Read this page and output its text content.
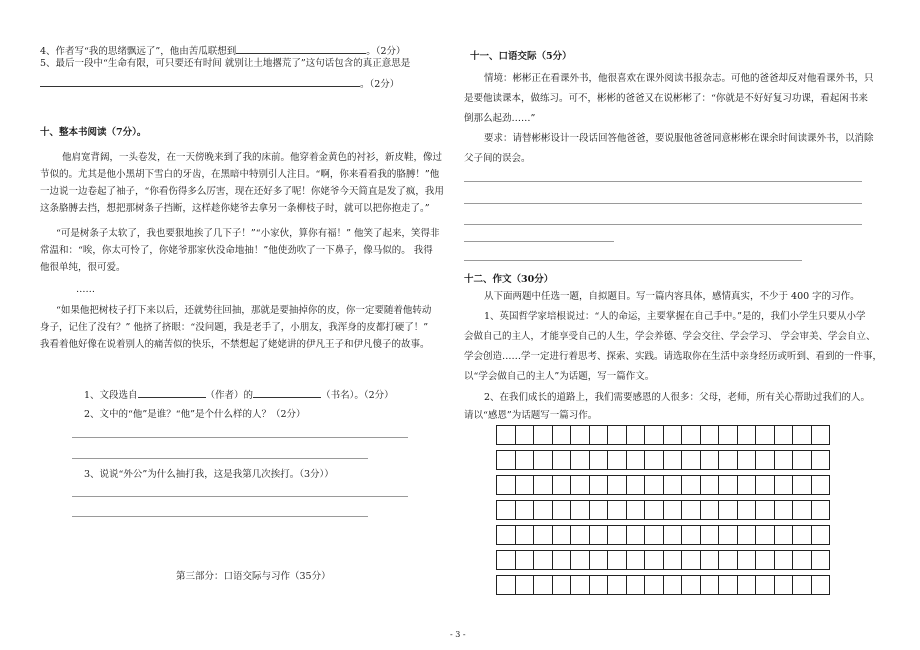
4、作者写“我的思绪飘远了”，他由苦瓜联想到	。（2分）
5、最后一段中“生命有限，可只要还有时间 就别让土地撂荒了”这句话包含的真正意思是
。（2分）
十、整本书阅读（7分）。
他肩宽背阔，一头卷发，在一天傍晚来到了我的床前。他穿着金黄色的衬衫，新皮鞋，像过
节似的。尤其是他小黑胡下雪白的牙齿，在黑暗中特别引人注目。“啊，你来看看我的胳膊！”他
一边说一边卷起了袖子，“你看伤得多么厉害，现在还好多了呢！你姥爷今天简直是发了疯，我用
这条胳膊去挡，想把那树条子挡断，这样趁你姥爷去拿另一条柳枝子时，就可以把你抱走了。”
“可是树条子太软了，我也要狠地挨了几下子！”“小家伙，算你有福！” 他笑了起来，笑得非
常温和：“唉，你太可怜了，你姥爷那家伙没命地抽！”他使劲吹了一下鼻子，像马似的。 我得
他很单纯，很可爱。
……
“如果他把树枝子打下来以后，还就势往回抽，那就是要抽掉你的皮，你一定要随着他转动
身子，记住了没有？” 他挤了挤眼：“没问题，我是老手了，小朋友，我浑身的皮都打硬了！”
我看着他好像在说着别人的痛苦似的快乐，不禁想起了姥姥讲的伊凡王子和伊凡傻子的故事。
1、文段选自	（作者）的	（书名）。（2分）
2、文中的“他”是谁？“他”是个什么样的人？（2分）
3、说说“外公”为什么抽打我，这是我第几次挨打。（3分））
第三部分：口语交际与习作（35分）
十一、口语交际（5分）
情境：彬彬正在看课外书，他很喜欢在课外阅读书报杂志。可他的爸爸却反对他看课外书，只
是要他读课本，做练习。可不，彬彬的爸爸又在说彬彬了：“你就是不好好复习功课，看起闲书来
倒那么起劲……”
要求：请替彬彬设计一段话回答他爸爸，要说服他爸爸同意彬彬在课余时间读课外书，以消除
父子间的误会。
十二、作文（30分）
从下面两题中任选一题，自拟题目。写一篇内容具体，感情真实，不少于 400 字的习作。
1、英国哲学家培根说过：“人的命运，主要掌握在自己手中。”是的，我们小学生只要从小学
会做自己的主人，才能享受自己的人生，学会养德、学会交往、学会学习、 学会审美、学会自立、
学会创造……学一定进行着思考、探索、实践。请选取你在生活中亲身经历或听到、看到的一件事，
以“学会做自己的主人”为话题，写一篇作文。
2、在我们成长的道路上，我们需要感恩的人很多：父母，老师，所有关心帮助过我们的人。
请以“感恩”为话题写一篇习作。
- 3 -
